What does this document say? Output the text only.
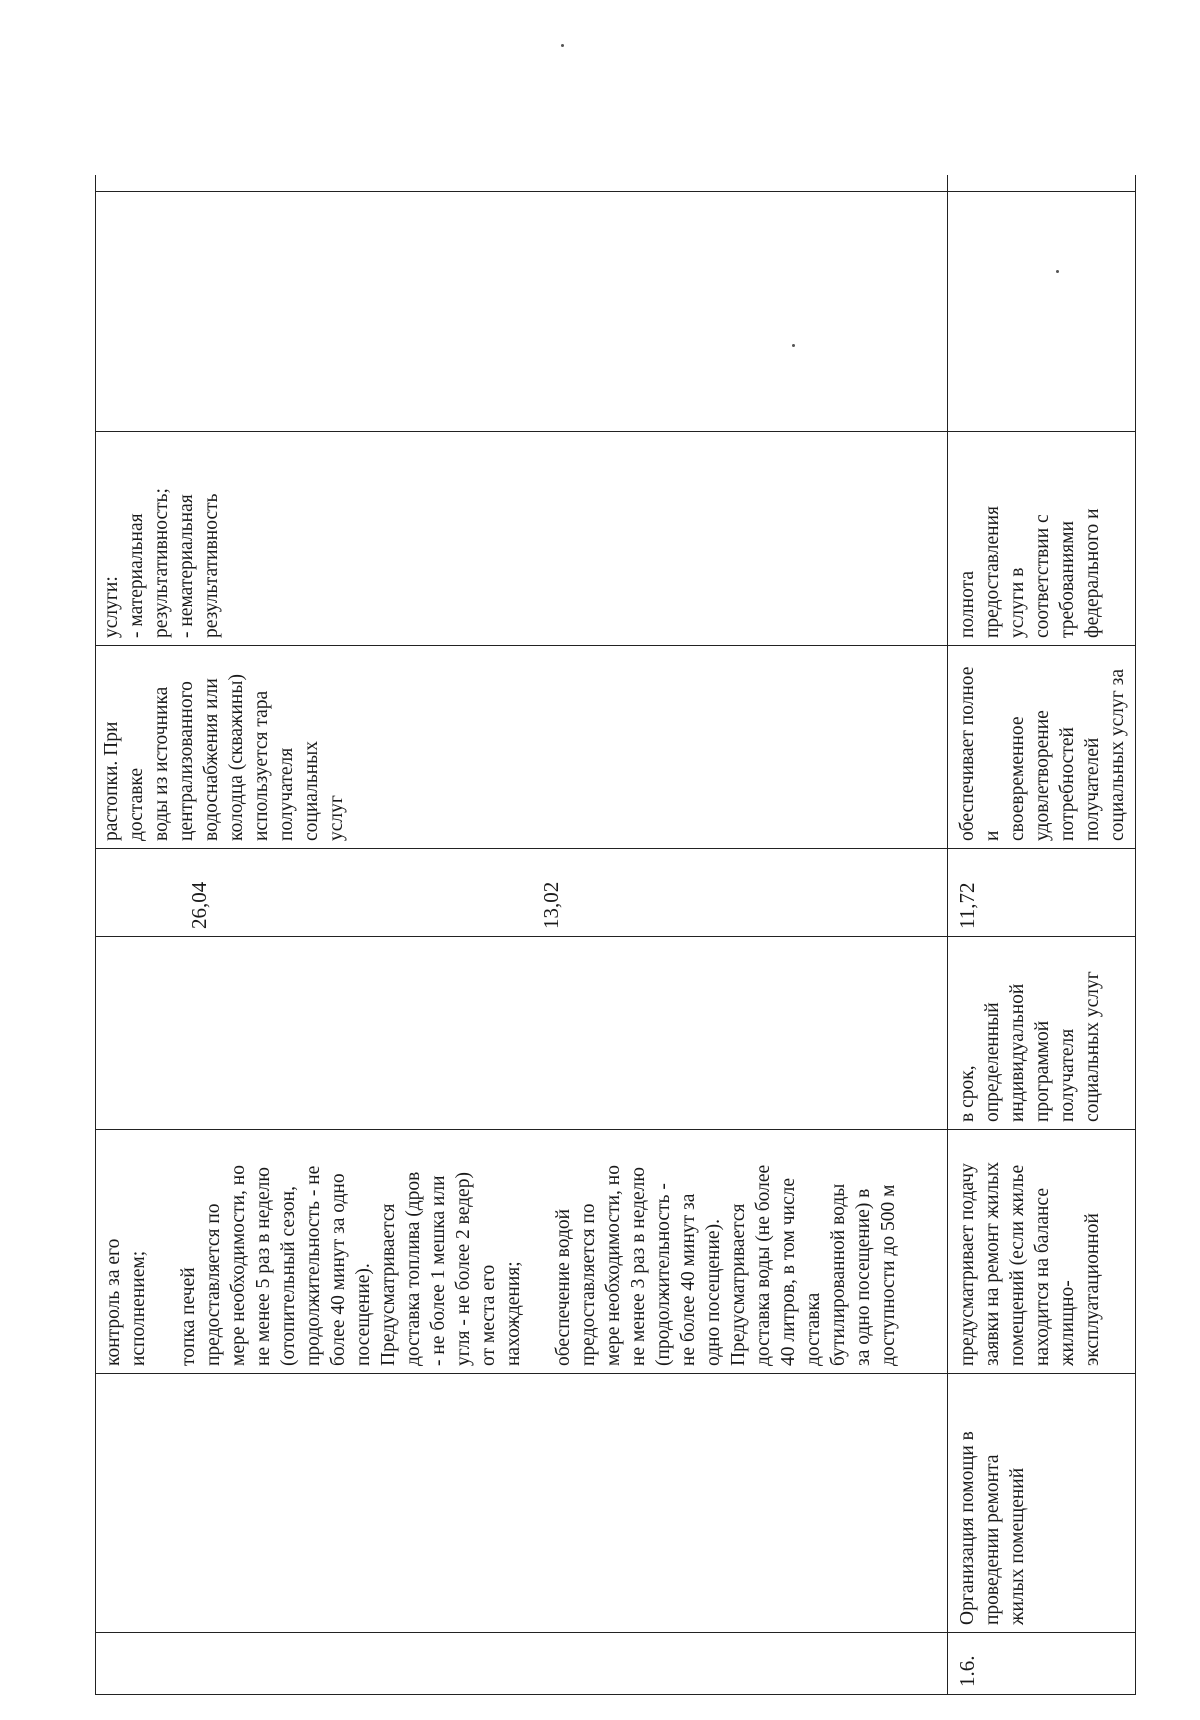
контроль за его
исполнением;

топка печей
предоставляется по
мере необходимости, но
не менее 5 раз в неделю
(отопительный сезон,
продолжительность - не
более 40 минут за одно
посещение).
Предусматривается
доставка топлива (дров
- не более 1 мешка или
угля - не более 2 ведер)
от места его
нахождения;

обеспечение водой
предоставляется по
мере необходимости, но
не менее 3 раз в неделю
(продолжительность -
не более 40 минут за
одно посещение).
Предусматривается
доставка воды (не более
40 литров, в том числе
доставка
бутилированной воды
за одно посещение) в
доступности до 500 м
26,04	13,02
растопки. При доставке
воды из источника
централизованного
водоснабжения или
колодца (скважины)
используется тара
получателя социальных
услуг
услуги:
- материальная
результативность;
- нематериальная
результативность
1.6.
Организация помощи в
проведении ремонта
жилых помещений
предусматривает подачу
заявки на ремонт жилых
помещений (если жилье
находится на балансе
жилищно-
эксплуатационной
в срок,
определенный
индивидуальной
программой
получателя
социальных услуг
11,72
обеспечивает полное и
своевременное
удовлетворение
потребностей
получателей
социальных услуг за
полнота
предоставления
услуги в
соответствии с
требованиями
федерального и
